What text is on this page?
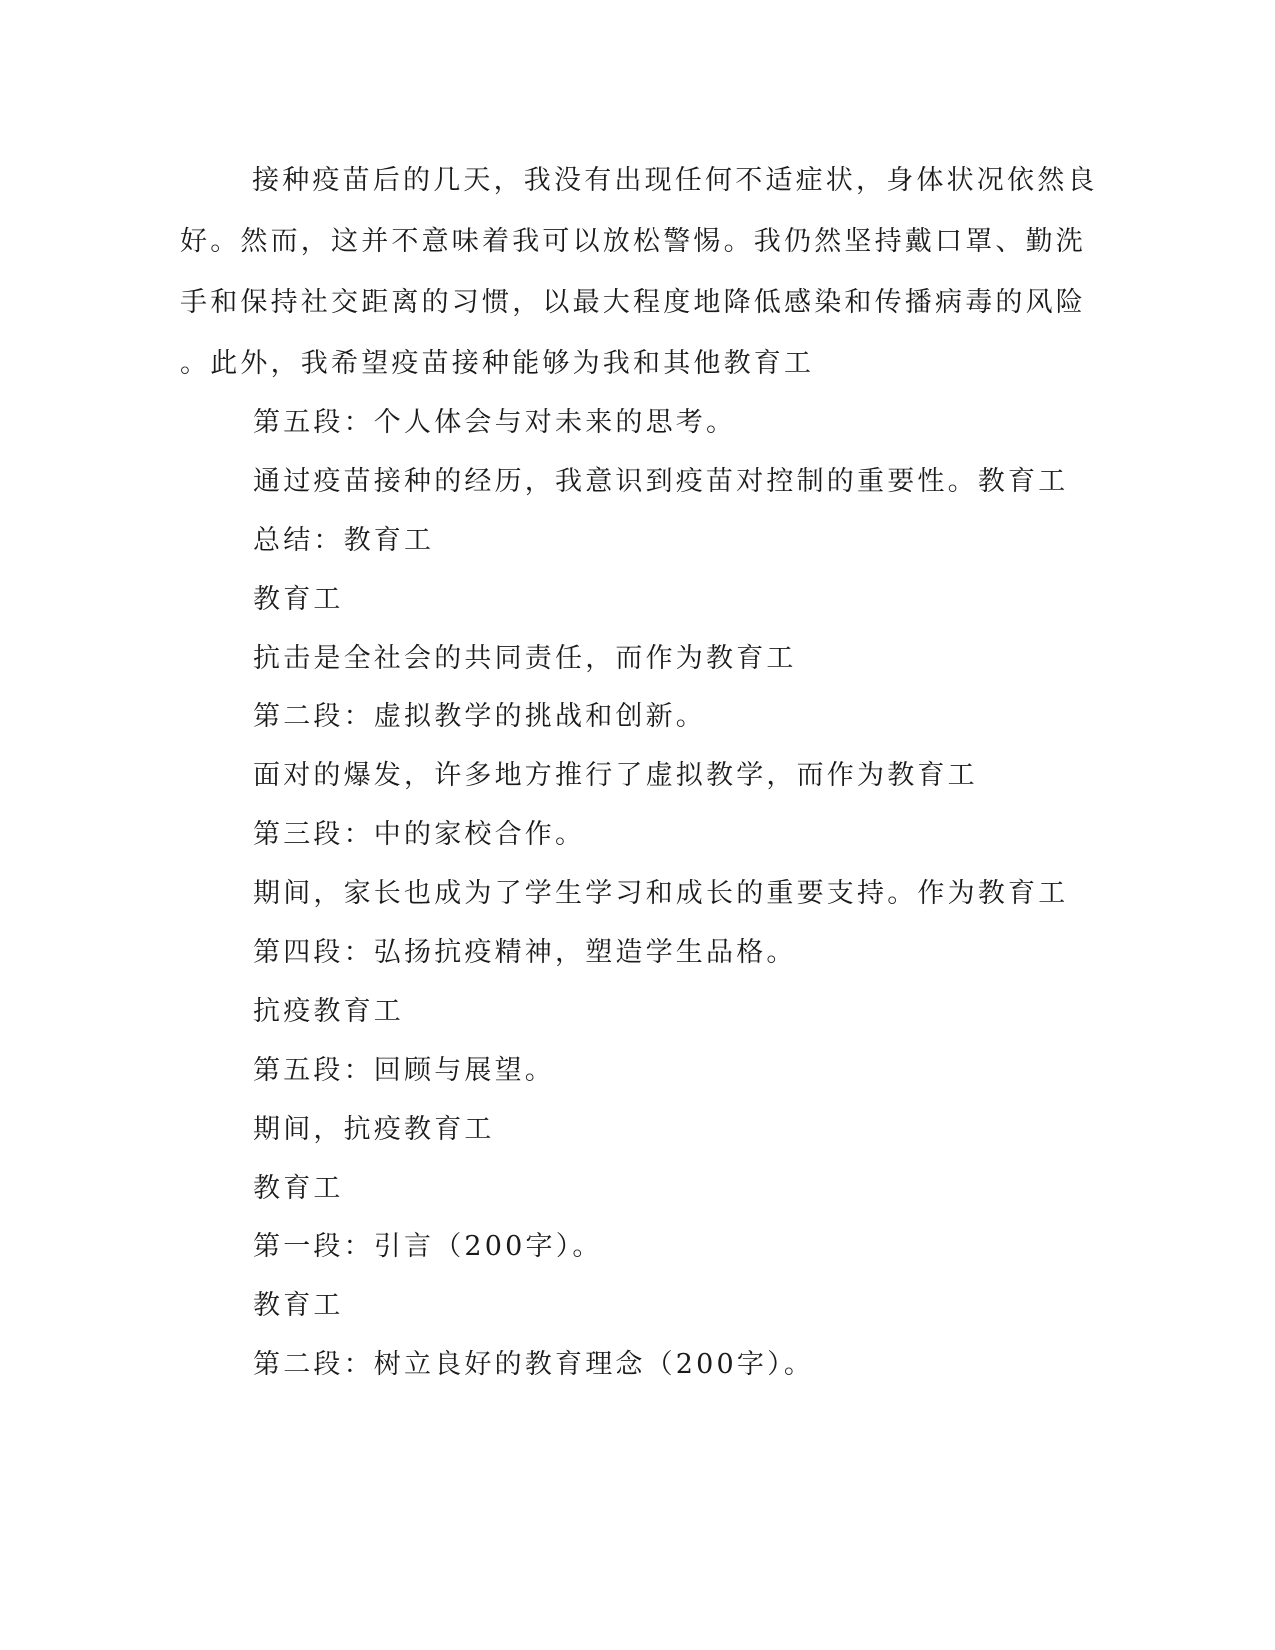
接种疫苗后的几天，我没有出现任何不适症状，身体状况依然良
好。然而，这并不意味着我可以放松警惕。我仍然坚持戴口罩、勤洗
手和保持社交距离的习惯，以最大程度地降低感染和传播病毒的风险
。此外，我希望疫苗接种能够为我和其他教育工
第五段：个人体会与对未来的思考。
通过疫苗接种的经历，我意识到疫苗对控制的重要性。教育工
总结：教育工
教育工
抗击是全社会的共同责任，而作为教育工
第二段：虚拟教学的挑战和创新。
面对的爆发，许多地方推行了虚拟教学，而作为教育工
第三段：中的家校合作。
期间，家长也成为了学生学习和成长的重要支持。作为教育工
第四段：弘扬抗疫精神，塑造学生品格。
抗疫教育工
第五段：回顾与展望。
期间，抗疫教育工
教育工
第一段：引言（200字）。
教育工
第二段：树立良好的教育理念（200字）。
